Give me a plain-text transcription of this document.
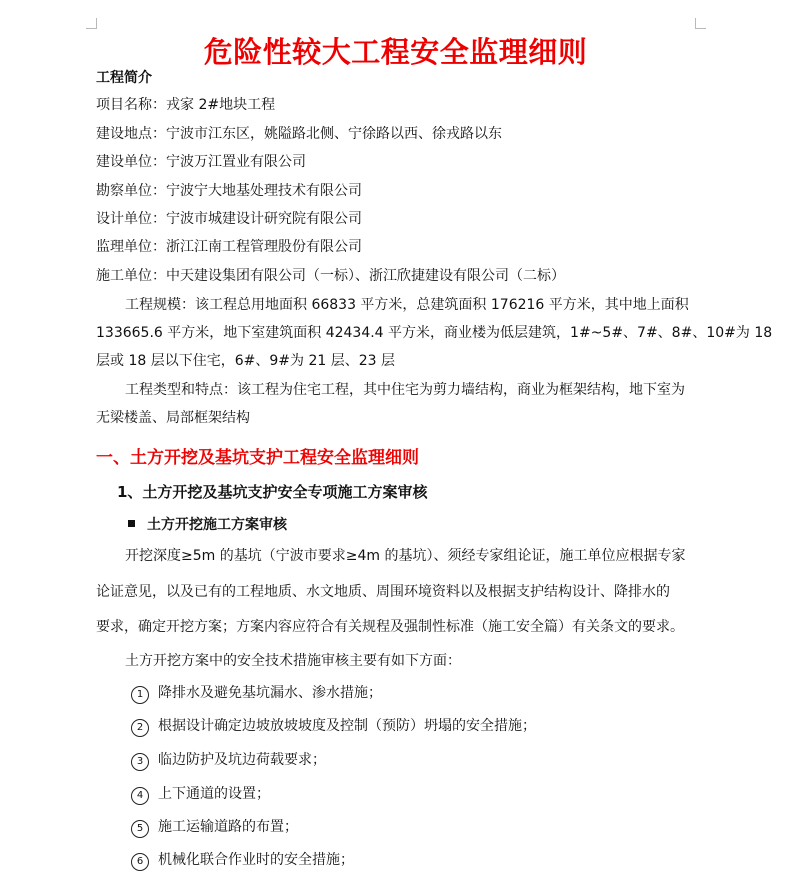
危险性较大工程安全监理细则
工程简介
项目名称：戎家 2#地块工程
建设地点：宁波市江东区，姚隘路北侧、宁徐路以西、徐戎路以东
建设单位：宁波万江置业有限公司
勘察单位：宁波宁大地基处理技术有限公司
设计单位：宁波市城建设计研究院有限公司
监理单位：浙江江南工程管理股份有限公司
施工单位：中天建设集团有限公司（一标）、浙江欣捷建设有限公司（二标）
工程规模：该工程总用地面积 66833 平方米，总建筑面积 176216 平方米，其中地上面积
133665.6 平方米，地下室建筑面积 42434.4 平方米，商业楼为低层建筑，1#~5#、7#、8#、10#为 18
层或 18 层以下住宅，6#、9#为 21 层、23 层
工程类型和特点：该工程为住宅工程，其中住宅为剪力墙结构，商业为框架结构，地下室为
无梁楼盖、局部框架结构
一、土方开挖及基坑支护工程安全监理细则
1、土方开挖及基坑支护安全专项施工方案审核
土方开挖施工方案审核
开挖深度≥5m 的基坑（宁波市要求≥4m 的基坑）、须经专家组论证，施工单位应根据专家
论证意见，以及已有的工程地质、水文地质、周围环境资料以及根据支护结构设计、降排水的
要求，确定开挖方案；方案内容应符合有关规程及强制性标准（施工安全篇）有关条文的要求。
土方开挖方案中的安全技术措施审核主要有如下方面：
1 降排水及避免基坑漏水、渗水措施；
2 根据设计确定边坡放坡坡度及控制（预防）坍塌的安全措施；
3 临边防护及坑边荷载要求；
4 上下通道的设置；
5 施工运输道路的布置；
6 机械化联合作业时的安全措施；
